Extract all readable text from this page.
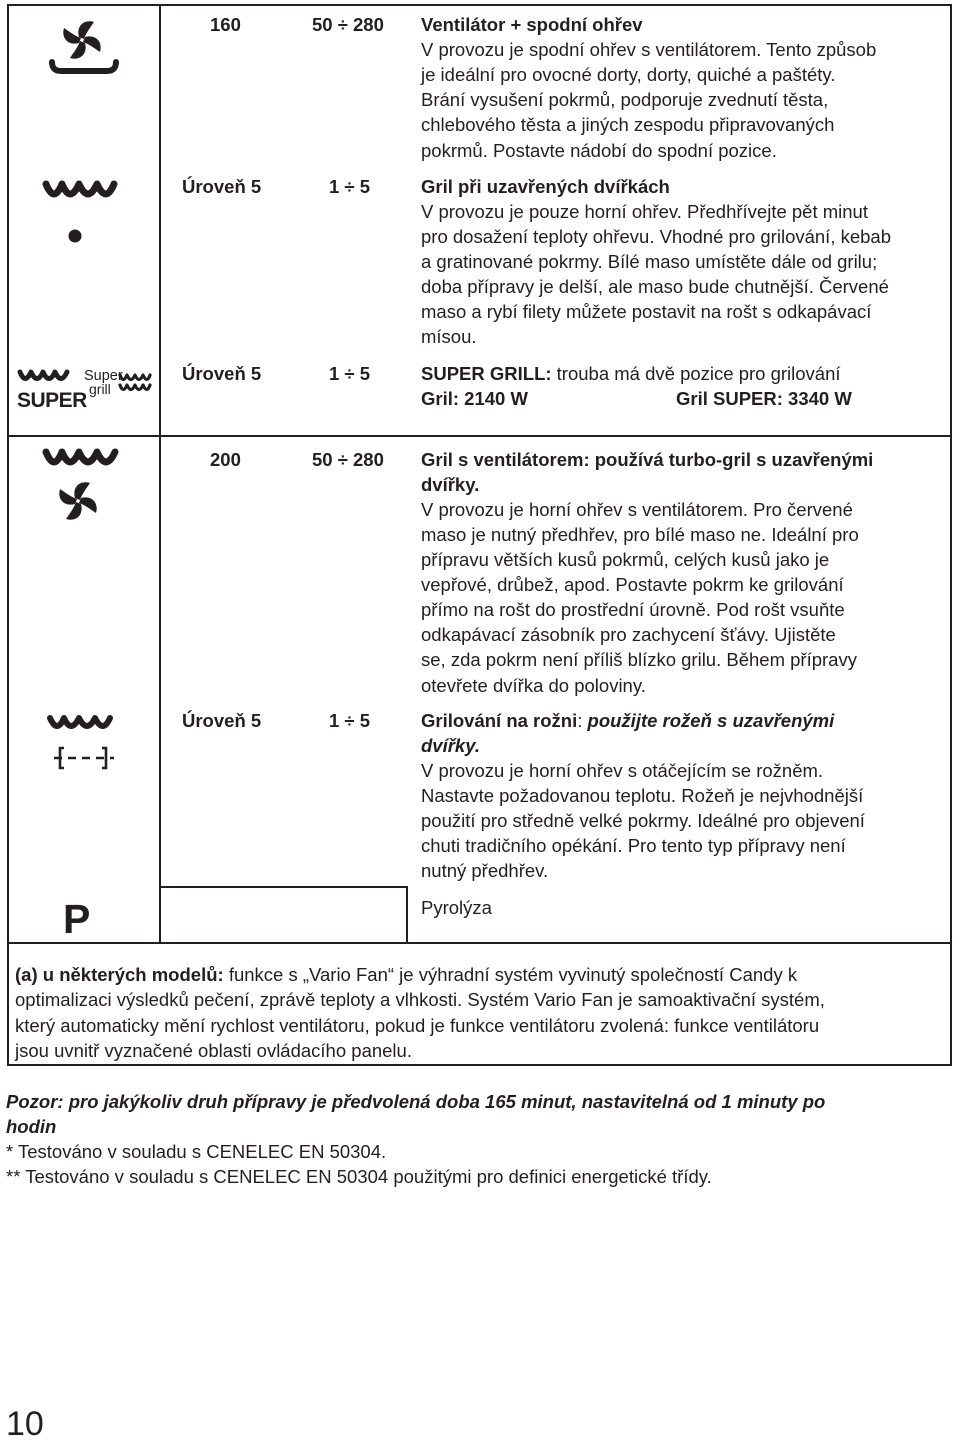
160	50 ÷ 280 Ventilátor + spodní ohřev
V provozu je spodní ohřev s ventilátorem. Tento způsob
je ideální pro ovocné dorty, dorty, quiché a paštéty.
Brání vysušení pokrmů, podporuje zvednutí těsta,
chlebového těsta a jiných zespodu připravovaných
pokrmů. Postavte nádobí do spodní pozice.
Úroveň 5	1 ÷ 5	Gril při uzavřených dvířkách
V provozu je pouze horní ohřev. Předhřívejte pět minut
pro dosažení teploty ohřevu. Vhodné pro grilování, kebab
a gratinované pokrmy. Bílé maso umístěte dále od grilu;
doba přípravy je delší, ale maso bude chutnější. Červené
maso a rybí filety můžete postavit na rošt s odkapávací
mísou.
SUPER
Super
grill
Úroveň 5	1 ÷ 5	SUPER GRILL: trouba má dvě pozice pro grilování
Gril: 2140 W	Gril SUPER: 3340 W
200	50 ÷ 280 Gril s ventilátorem: používá turbo-gril s uzavřenými
dvířky.
V provozu je horní ohřev s ventilátorem. Pro červené
maso je nutný předhřev, pro bílé maso ne. Ideální pro
přípravu větších kusů pokrmů, celých kusů jako je
vepřové, drůbež, apod. Postavte pokrm ke grilování
přímo na rošt do prostřední úrovně. Pod rošt vsuňte
odkapávací zásobník pro zachycení šťávy. Ujistěte
se, zda pokrm není příliš blízko grilu. Během přípravy
otevřete dvířka do poloviny.
Úroveň 5	1 ÷ 5	Grilování na rožni: použijte rožeň s uzavřenými
dvířky.
V provozu je horní ohřev s otáčejícím se rožněm.
Nastavte požadovanou teplotu. Rožeň je nejvhodnější
použití pro středně velké pokrmy. Ideálné pro objevení
chuti tradičního opékání. Pro tento typ přípravy není
nutný předhřev.
P	Pyrolýza
(a) u některých modelů: funkce s „Vario Fan“ je výhradní systém vyvinutý společností Candy k
optimalizaci výsledků pečení, zprávě teploty a vlhkosti. Systém Vario Fan je samoaktivační systém,
který automaticky mění rychlost ventilátoru, pokud je funkce ventilátoru zvolená: funkce ventilátoru
jsou uvnitř vyznačené oblasti ovládacího panelu.
Pozor: pro jakýkoliv druh přípravy je předvolená doba 165 minut, nastavitelná od 1 minuty po
hodin
* Testováno v souladu s CENELEC EN 50304.
** Testováno v souladu s CENELEC EN 50304 použitými pro definici energetické třídy.
10
